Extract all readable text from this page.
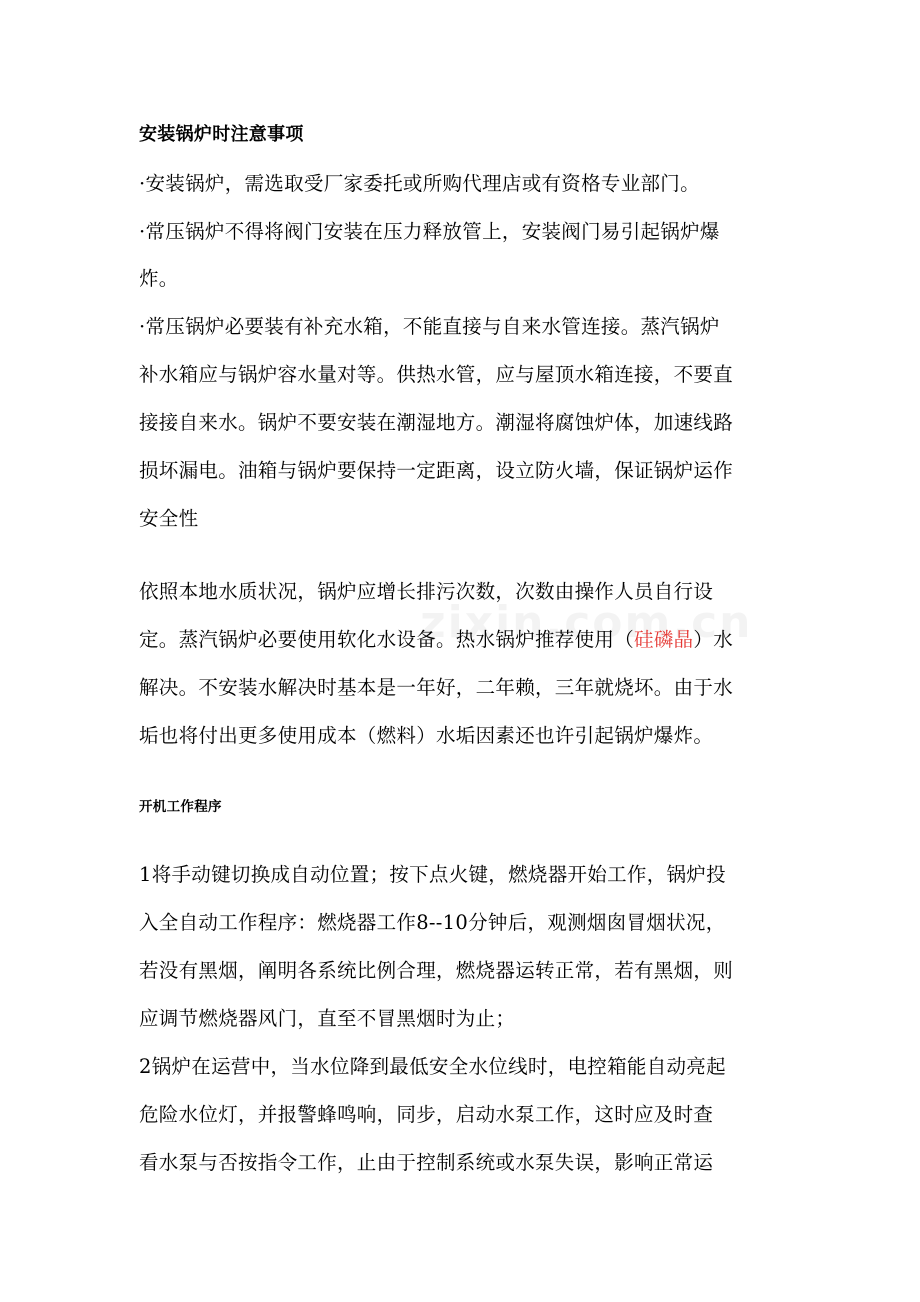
安装锅炉时注意事项
·安装锅炉，需选取受厂家委托或所购代理店或有资格专业部门。
·常压锅炉不得将阀门安装在压力释放管上，安装阀门易引起锅炉爆
炸。
·常压锅炉必要装有补充水箱，不能直接与自来水管连接。蒸汽锅炉
补水箱应与锅炉容水量对等。供热水管，应与屋顶水箱连接，不要直
接接自来水。锅炉不要安装在潮湿地方。潮湿将腐蚀炉体，加速线路
损坏漏电。油箱与锅炉要保持一定距离，设立防火墙，保证锅炉运作
安全性
依照本地水质状况，锅炉应增长排污次数，次数由操作人员自行设
定。蒸汽锅炉必要使用软化水设备。热水锅炉推荐使用（硅磷晶）水
解决。不安装水解决时基本是一年好，二年赖，三年就烧坏。由于水
垢也将付出更多使用成本（燃料）水垢因素还也许引起锅炉爆炸。
开机工作程序
1将手动键切换成自动位置；按下点火键，燃烧器开始工作，锅炉投
入全自动工作程序：燃烧器工作8--10分钟后，观测烟囱冒烟状况，
若没有黑烟，阐明各系统比例合理，燃烧器运转正常，若有黑烟，则
应调节燃烧器风门，直至不冒黑烟时为止；
2锅炉在运营中，当水位降到最低安全水位线时，电控箱能自动亮起
危险水位灯，并报警蜂鸣响，同步，启动水泵工作，这时应及时查
看水泵与否按指令工作，止由于控制系统或水泵失误，影响正常运
